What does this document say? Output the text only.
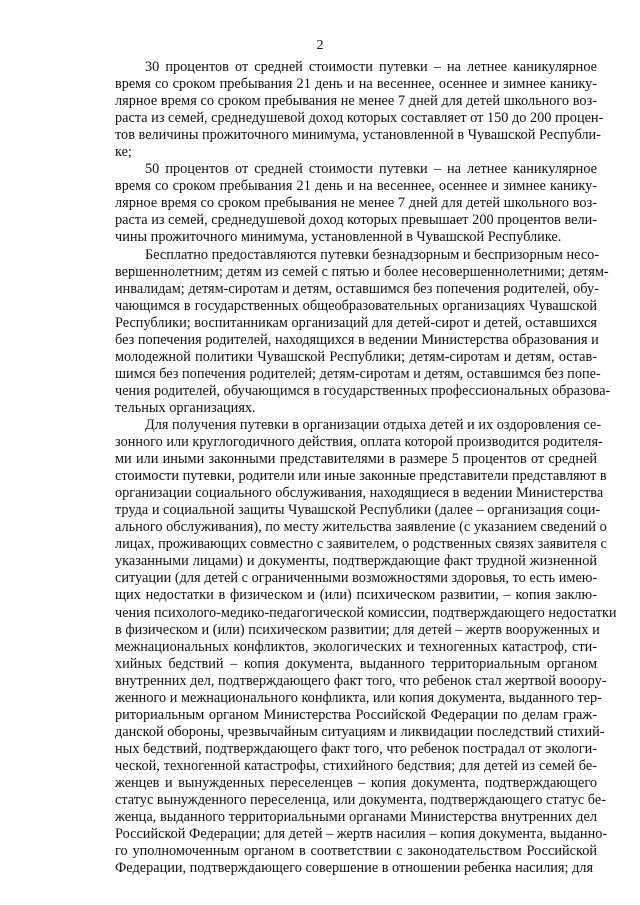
2
30 процентов от средней стоимости путевки – на летнее каникулярное
время со сроком пребывания 21 день и на весеннее, осеннее и зимнее канику-
лярное время со сроком пребывания не менее 7 дней для детей школьного воз-
раста из семей, среднедушевой доход которых составляет от 150 до 200 процен-
тов величины прожиточного минимума, установленной в Чувашской Республи-
ке;
50 процентов от средней стоимости путевки – на летнее каникулярное
время со сроком пребывания 21 день и на весеннее, осеннее и зимнее канику-
лярное время со сроком пребывания не менее 7 дней для детей школьного воз-
раста из семей, среднедушевой доход которых превышает 200 процентов вели-
чины прожиточного минимума, установленной в Чувашской Республике.
Бесплатно предоставляются путевки безнадзорным и беспризорным несо-
вершеннолетним; детям из семей с пятью и более несовершеннолетними; детям-
инвалидам; детям-сиротам и детям, оставшимся без попечения родителей, обу-
чающимся в государственных общеобразовательных организациях Чувашской
Республики; воспитанникам организаций для детей-сирот и детей, оставшихся
без попечения родителей, находящихся в ведении Министерства образования и
молодежной политики Чувашской Республики; детям-сиротам и детям, остав-
шимся без попечения родителей; детям-сиротам и детям, оставшимся без попе-
чения родителей, обучающимся в государственных профессиональных образова-
тельных организациях.
Для получения путевки в организации отдыха детей и их оздоровления се-
зонного или круглогодичного действия, оплата которой производится родителя-
ми или иными законными представителями в размере 5 процентов от средней
стоимости путевки, родители или иные законные представители представляют в
организации социального обслуживания, находящиеся в ведении Министерства
труда и социальной защиты Чувашской Республики (далее – организация соци-
ального обслуживания), по месту жительства заявление (с указанием сведений о
лицах, проживающих совместно с заявителем, о родственных связях заявителя с
указанными лицами) и документы, подтверждающие факт трудной жизненной
ситуации (для детей с ограниченными возможностями здоровья, то есть имею-
щих недостатки в физическом и (или) психическом развитии, – копия заклю-
чения психолого-медико-педагогической комиссии, подтверждающего недостатки
в физическом и (или) психическом развитии; для детей – жертв вооруженных и
межнациональных конфликтов, экологических и техногенных катастроф, сти-
хийных бедствий – копия документа, выданного территориальным органом
внутренних дел, подтверждающего факт того, что ребенок стал жертвой вооору-
женного и межнационального конфликта, или копия документа, выданного тер-
риториальным органом Министерства Российской Федерации по делам граж-
данской обороны, чрезвычайным ситуациям и ликвидации последствий стихий-
ных бедствий, подтверждающего факт того, что ребенок пострадал от экологи-
ческой, техногенной катастрофы, стихийного бедствия; для детей из семей бе-
женцев и вынужденных переселенцев – копия документа, подтверждающего
статус вынужденного переселенца, или документа, подтверждающего статус бе-
женца, выданного территориальными органами Министерства внутренних дел
Российской Федерации; для детей – жертв насилия – копия документа, выданно-
го уполномоченным органом в соответствии с законодательством Российской
Федерации, подтверждающего совершение в отношении ребенка насилия; для
